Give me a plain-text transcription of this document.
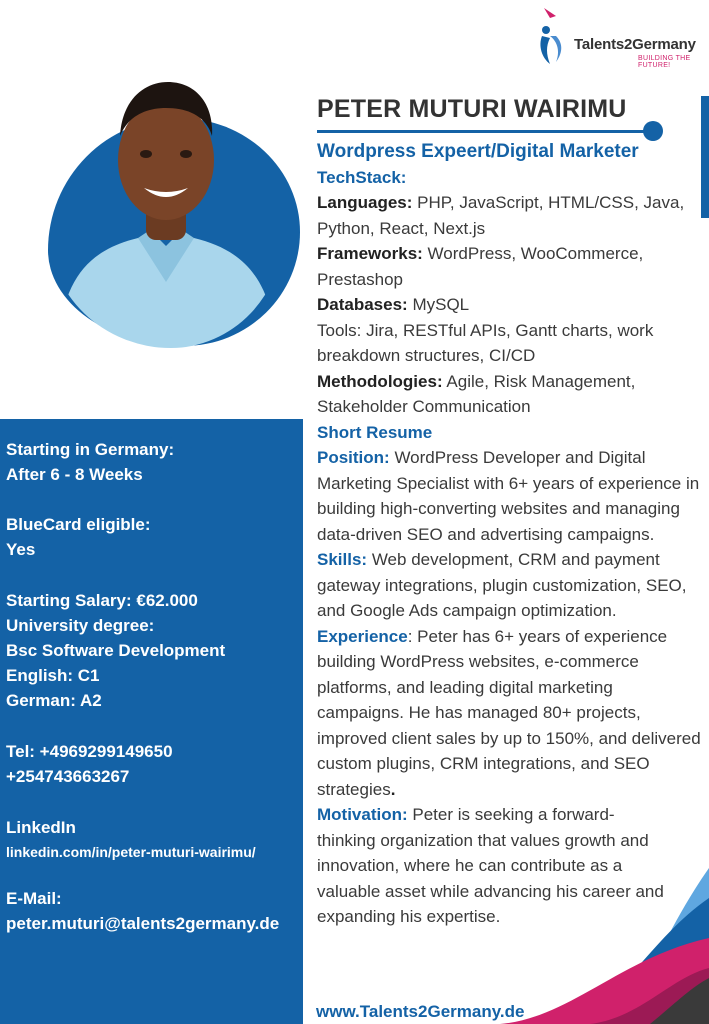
Talents2Germany
BUILDING THE FUTURE!
PETER MUTURI WAIRIMU
Wordpress Expeert/Digital Marketer
TechStack:
Languages: PHP, JavaScript, HTML/CSS, Java, Python, React, Next.js
Frameworks: WordPress, WooCommerce, Prestashop
Databases: MySQL
Tools: Jira, RESTful APIs, Gantt charts, work breakdown structures, CI/CD
Methodologies: Agile, Risk Management, Stakeholder Communication
Short Resume
Position: WordPress Developer and Digital Marketing Specialist with 6+ years of experience in building high-converting websites and managing data-driven SEO and advertising campaigns.
Skills: Web development, CRM and payment gateway integrations, plugin customization, SEO, and Google Ads campaign optimization.
Experience: Peter has 6+ years of experience building WordPress websites, e-commerce platforms, and leading digital marketing campaigns. He has managed 80+ projects, improved client sales by up to 150%, and delivered custom plugins, CRM integrations, and SEO strategies.
Motivation: Peter is seeking a forward-thinking organization that values growth and innovation, where he can contribute as a valuable asset while advancing his career and expanding his expertise.
Starting in Germany:
After 6 - 8 Weeks
BlueCard eligible:
Yes
Starting Salary: €62.000
University degree:
Bsc Software Development
English: C1
German: A2
Tel: +4969299149650
+254743663267
LinkedIn
linkedin.com/in/peter-muturi-wairimu/
E-Mail:
peter.muturi@talents2germany.de
www.Talents2Germany.de
